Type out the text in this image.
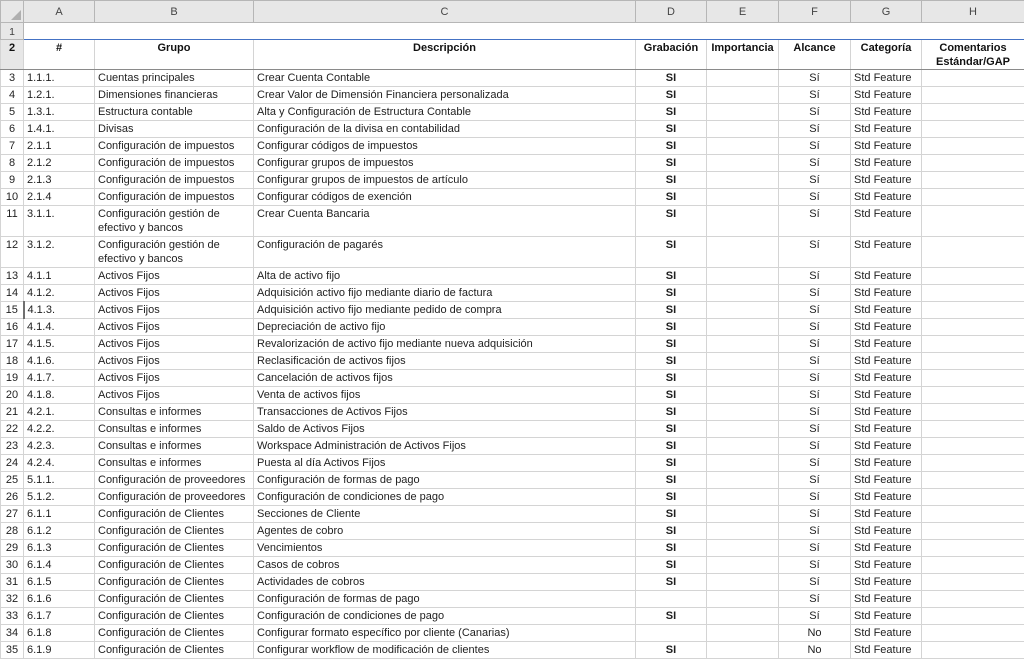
	A	B	C	D	E	F	G	H
1	Requerimientos comerciales							

2	#	Grupo	Descripción	Grabación	Importancia	Alcance	Categoría	Comentarios Estándar/GAP
3	1.1.1.	Cuentas principales	Crear Cuenta Contable	SI		Sí	Std Feature	
4	1.2.1.	Dimensiones financieras	Crear Valor de Dimensión Financiera personalizada	SI		Sí	Std Feature	
5	1.3.1.	Estructura contable	Alta y Configuración de Estructura Contable	SI		Sí	Std Feature	
6	1.4.1.	Divisas	Configuración de la divisa en contabilidad	SI		Sí	Std Feature	
7	2.1.1	Configuración de impuestos	Configurar códigos de impuestos	SI		Sí	Std Feature	
8	2.1.2	Configuración de impuestos	Configurar grupos de impuestos	SI		Sí	Std Feature	
9	2.1.3	Configuración de impuestos	Configurar grupos de impuestos de artículo	SI		Sí	Std Feature	
10	2.1.4	Configuración de impuestos	Configurar códigos de exención	SI		Sí	Std Feature	
11	3.1.1.	Configuración gestión de efectivo y bancos	Crear Cuenta Bancaria	SI		Sí	Std Feature	
12	3.1.2.	Configuración gestión de efectivo y bancos	Configuración de pagarés	SI		Sí	Std Feature	
13	4.1.1	Activos Fijos	Alta de activo fijo	SI		Sí	Std Feature	
14	4.1.2.	Activos Fijos	Adquisición activo fijo mediante diario de factura	SI		Sí	Std Feature	
15	4.1.3.	Activos Fijos	Adquisición activo fijo mediante pedido de compra	SI		Sí	Std Feature	
16	4.1.4.	Activos Fijos	Depreciación de activo fijo	SI		Sí	Std Feature	
17	4.1.5.	Activos Fijos	Revalorización de activo fijo mediante nueva adquisición	SI		Sí	Std Feature	
18	4.1.6.	Activos Fijos	Reclasificación de activos fijos	SI		Sí	Std Feature	
19	4.1.7.	Activos Fijos	Cancelación de activos fijos	SI		Sí	Std Feature	
20	4.1.8.	Activos Fijos	Venta de activos fijos	SI		Sí	Std Feature	
21	4.2.1.	Consultas e informes	Transacciones de Activos Fijos	SI		Sí	Std Feature	
22	4.2.2.	Consultas e informes	Saldo de Activos Fijos	SI		Sí	Std Feature	
23	4.2.3.	Consultas e informes	Workspace Administración de Activos Fijos	SI		Sí	Std Feature	
24	4.2.4.	Consultas e informes	Puesta al día Activos Fijos	SI		Sí	Std Feature	
25	5.1.1.	Configuración de proveedores	Configuración de formas de pago	SI		Sí	Std Feature	
26	5.1.2.	Configuración de proveedores	Configuración de condiciones de pago	SI		Sí	Std Feature	
27	6.1.1	Configuración de Clientes	Secciones de Cliente	SI		Sí	Std Feature	
28	6.1.2	Configuración de Clientes	Agentes de cobro	SI		Sí	Std Feature	
29	6.1.3	Configuración de Clientes	Vencimientos	SI		Sí	Std Feature	
30	6.1.4	Configuración de Clientes	Casos de cobros	SI		Sí	Std Feature	
31	6.1.5	Configuración de Clientes	Actividades de cobros	SI		Sí	Std Feature	
32	6.1.6	Configuración de Clientes	Configuración de formas de pago			Sí	Std Feature	
33	6.1.7	Configuración de Clientes	Configuración de condiciones de pago	SI		Sí	Std Feature	
34	6.1.8	Configuración de Clientes	Configurar formato específico por cliente (Canarias)			No	Std Feature	
35	6.1.9	Configuración de Clientes	Configurar workflow de modificación de clientes	SI		No	Std Feature	
